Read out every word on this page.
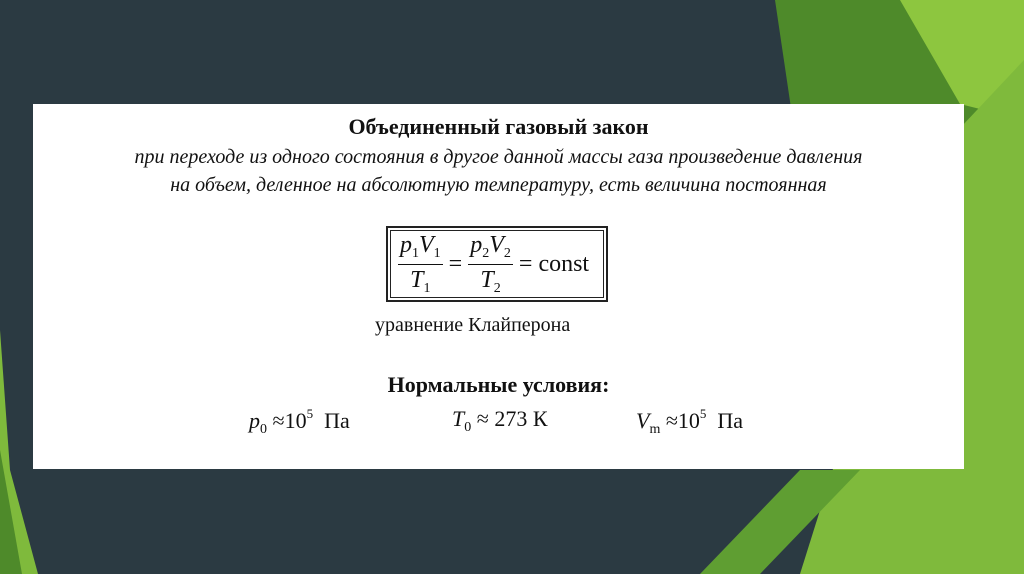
Объединенный газовый закон
при переходе из одного состояния в другое данной массы газа произведение давления
на объем, деленное на абсолютную температуру, есть величина постоянная
$\frac{p_1V_1}{T_1} = \frac{p_2V_2}{T_2}$ = const
уравнение Клайперона
Нормальные условия:
$p_0 \approx 10^5$ Па	$T_0 \approx 273$ К	$V_m \approx 10^5$ Па
